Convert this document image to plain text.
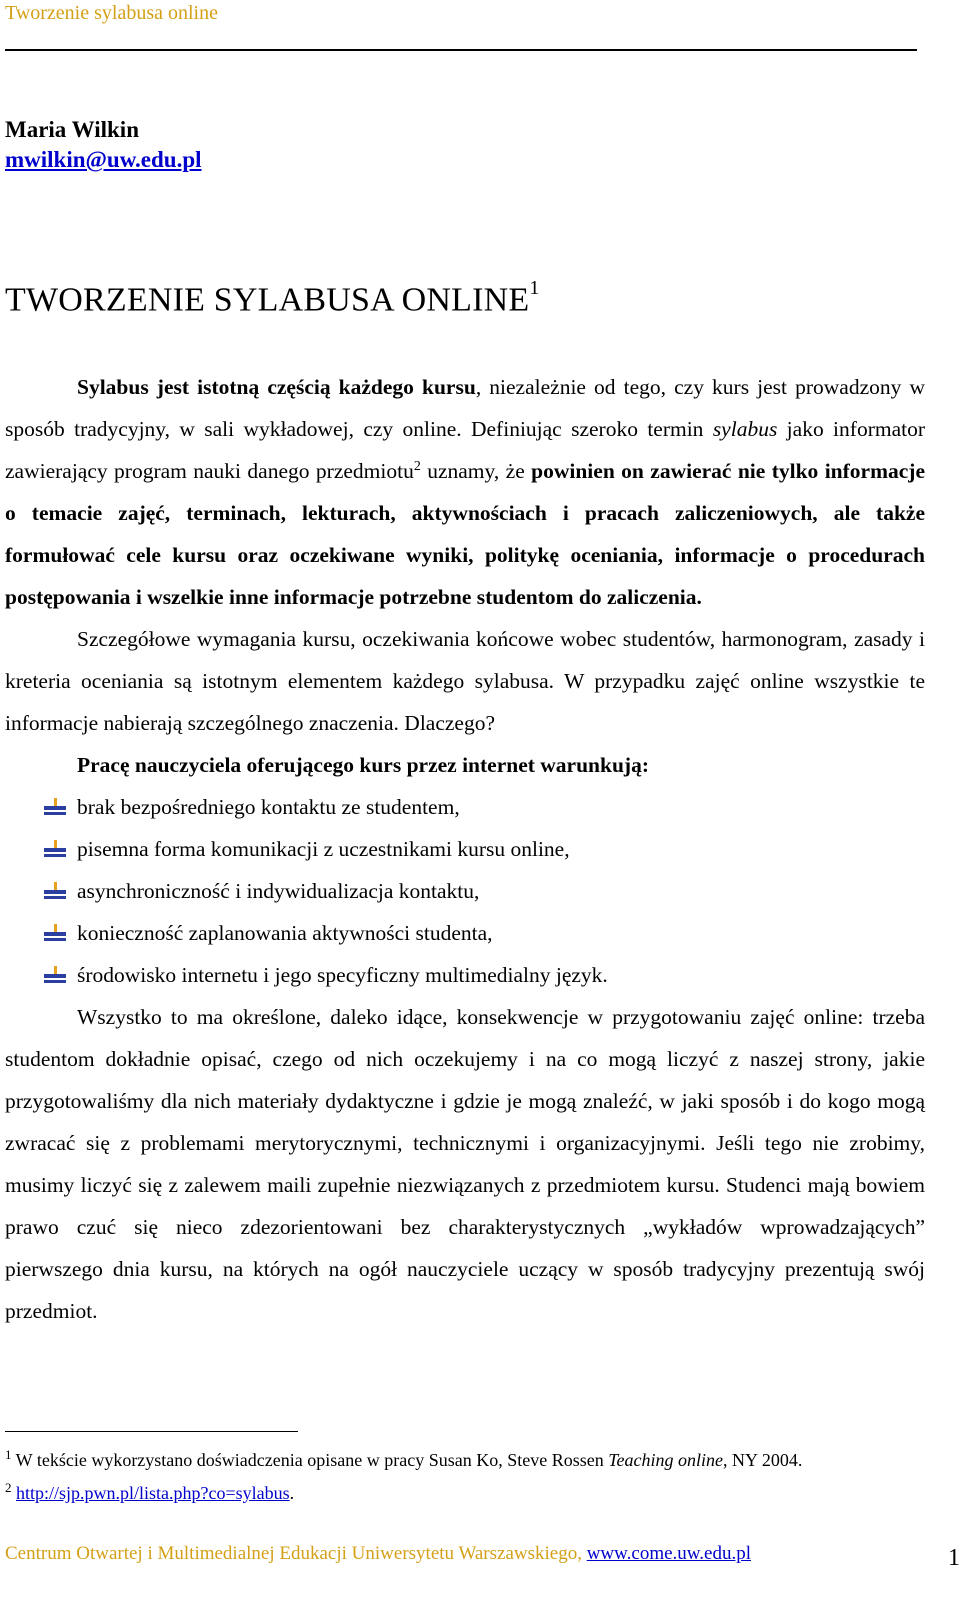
Tworzenie sylabusa online
Maria Wilkin
mwilkin@uw.edu.pl
TWORZENIE SYLABUSA ONLINE$^1$

Sylabus jest istotną częścią każdego kursu, niezależnie od tego, czy kurs jest prowadzony w sposób tradycyjny, w sali wykładowej, czy online. Definiując szeroko termin sylabus jako informator zawierający program nauki danego przedmiotu$^2$ uznamy, że powinien on zawierać nie tylko informacje o temacie zajęć, terminach, lekturach, aktywnościach i pracach zaliczeniowych, ale także formułować cele kursu oraz oczekiwane wyniki, politykę oceniania, informacje o procedurach postępowania i wszelkie inne informacje potrzebne studentom do zaliczenia.

Szczegółowe wymagania kursu, oczekiwania końcowe wobec studentów, harmonogram, zasady i kreteria oceniania są istotnym elementem każdego sylabusa. W przypadku zajęć online wszystkie te informacje nabierają szczególnego znaczenia. Dlaczego?

Pracę nauczyciela oferującego kurs przez internet warunkują:

brak bezpośredniego kontaktu ze studentem,
pisemna forma komunikacji z uczestnikami kursu online,
asynchroniczność i indywidualizacja kontaktu,
konieczność zaplanowania aktywności studenta,
środowisko internetu i jego specyficzny multimedialny język.

Wszystko to ma określone, daleko idące, konsekwencje w przygotowaniu zajęć online: trzeba studentom dokładnie opisać, czego od nich oczekujemy i na co mogą liczyć z naszej strony, jakie przygotowaliśmy dla nich materiały dydaktyczne i gdzie je mogą znaleźć, w jaki sposób i do kogo mogą zwracać się z problemami merytorycznymi, technicznymi i organizacyjnymi. Jeśli tego nie zrobimy, musimy liczyć się z zalewem maili zupełnie niezwiązanych z przedmiotem kursu. Studenci mają bowiem prawo czuć się nieco zdezorientowani bez charakterystycznych „wykładów wprowadzających” pierwszego dnia kursu, na których na ogół nauczyciele uczący w sposób tradycyjny prezentują swój przedmiot.

$^1$ W tekście wykorzystano doświadczenia opisane w pracy Susan Ko, Steve Rossen Teaching online, NY 2004.
$^2$ http://sjp.pwn.pl/lista.php?co=sylabus.
Centrum Otwartej i Multimedialnej Edukacji Uniwersytetu Warszawskiego, www.come.uw.edu.pl	1
